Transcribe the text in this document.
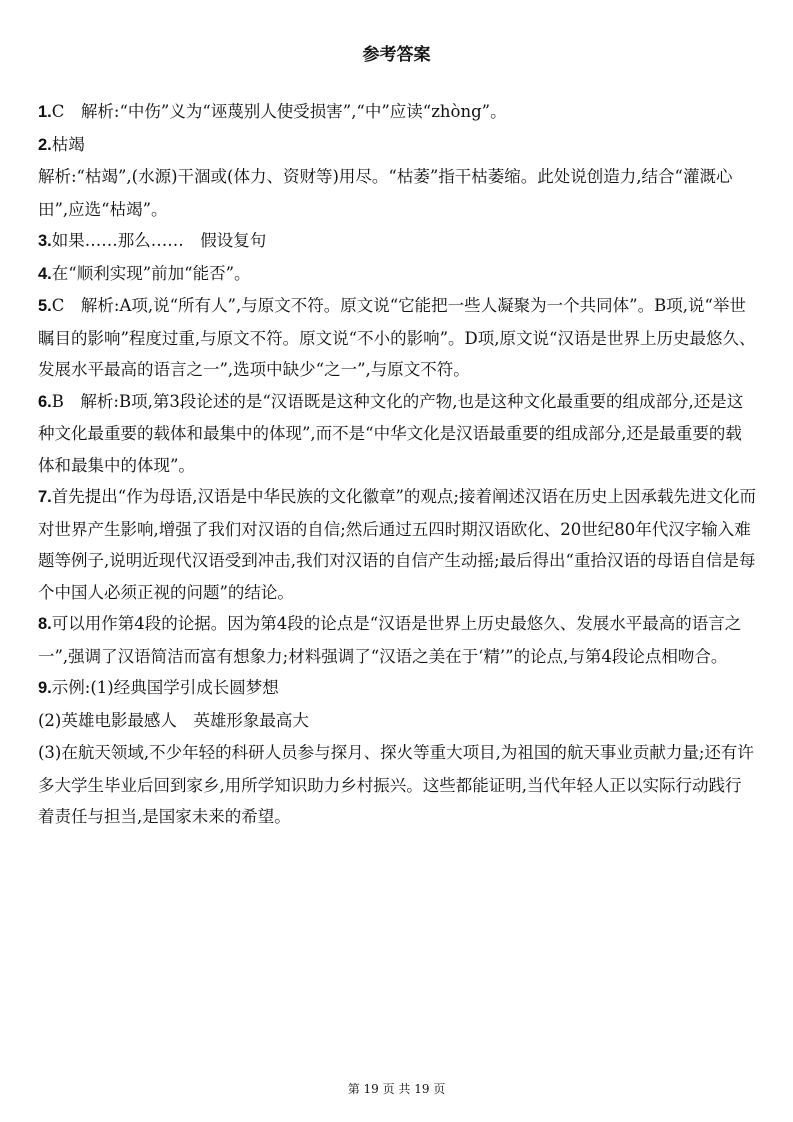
参考答案

1.C　解析:“中伤”义为“诬蔑别人使受损害”,“中”应读“zhòng”。

2.枯竭

解析:“枯竭”,(水源)干涸或(体力、资财等)用尽。“枯萎”指干枯萎缩。此处说创造力,结合“灌溉心田”,应选“枯竭”。

3.如果……那么……　假设复句

4.在“顺利实现”前加“能否”。

5.C　解析:A项,说“所有人”,与原文不符。原文说“它能把一些人凝聚为一个共同体”。B项,说“举世瞩目的影响”程度过重,与原文不符。原文说“不小的影响”。D项,原文说“汉语是世界上历史最悠久、发展水平最高的语言之一”,选项中缺少“之一”,与原文不符。

6.B　解析:B项,第3段论述的是“汉语既是这种文化的产物,也是这种文化最重要的组成部分,还是这种文化最重要的载体和最集中的体现”,而不是“中华文化是汉语最重要的组成部分,还是最重要的载体和最集中的体现”。

7.首先提出“作为母语,汉语是中华民族的文化徽章”的观点;接着阐述汉语在历史上因承载先进文化而对世界产生影响,增强了我们对汉语的自信;然后通过五四时期汉语欧化、20世纪80年代汉字输入难题等例子,说明近现代汉语受到冲击,我们对汉语的自信产生动摇;最后得出“重拾汉语的母语自信是每个中国人必须正视的问题”的结论。

8.可以用作第4段的论据。因为第4段的论点是“汉语是世界上历史最悠久、发展水平最高的语言之一”,强调了汉语简洁而富有想象力;材料强调了“汉语之美在于‘精’”的论点,与第4段论点相吻合。

9.示例:(1)经典国学引成长圆梦想

(2)英雄电影最感人　英雄形象最高大

(3)在航天领域,不少年轻的科研人员参与探月、探火等重大项目,为祖国的航天事业贡献力量;还有许多大学生毕业后回到家乡,用所学知识助力乡村振兴。这些都能证明,当代年轻人正以实际行动践行着责任与担当,是国家未来的希望。

第 19 页 共 19 页
